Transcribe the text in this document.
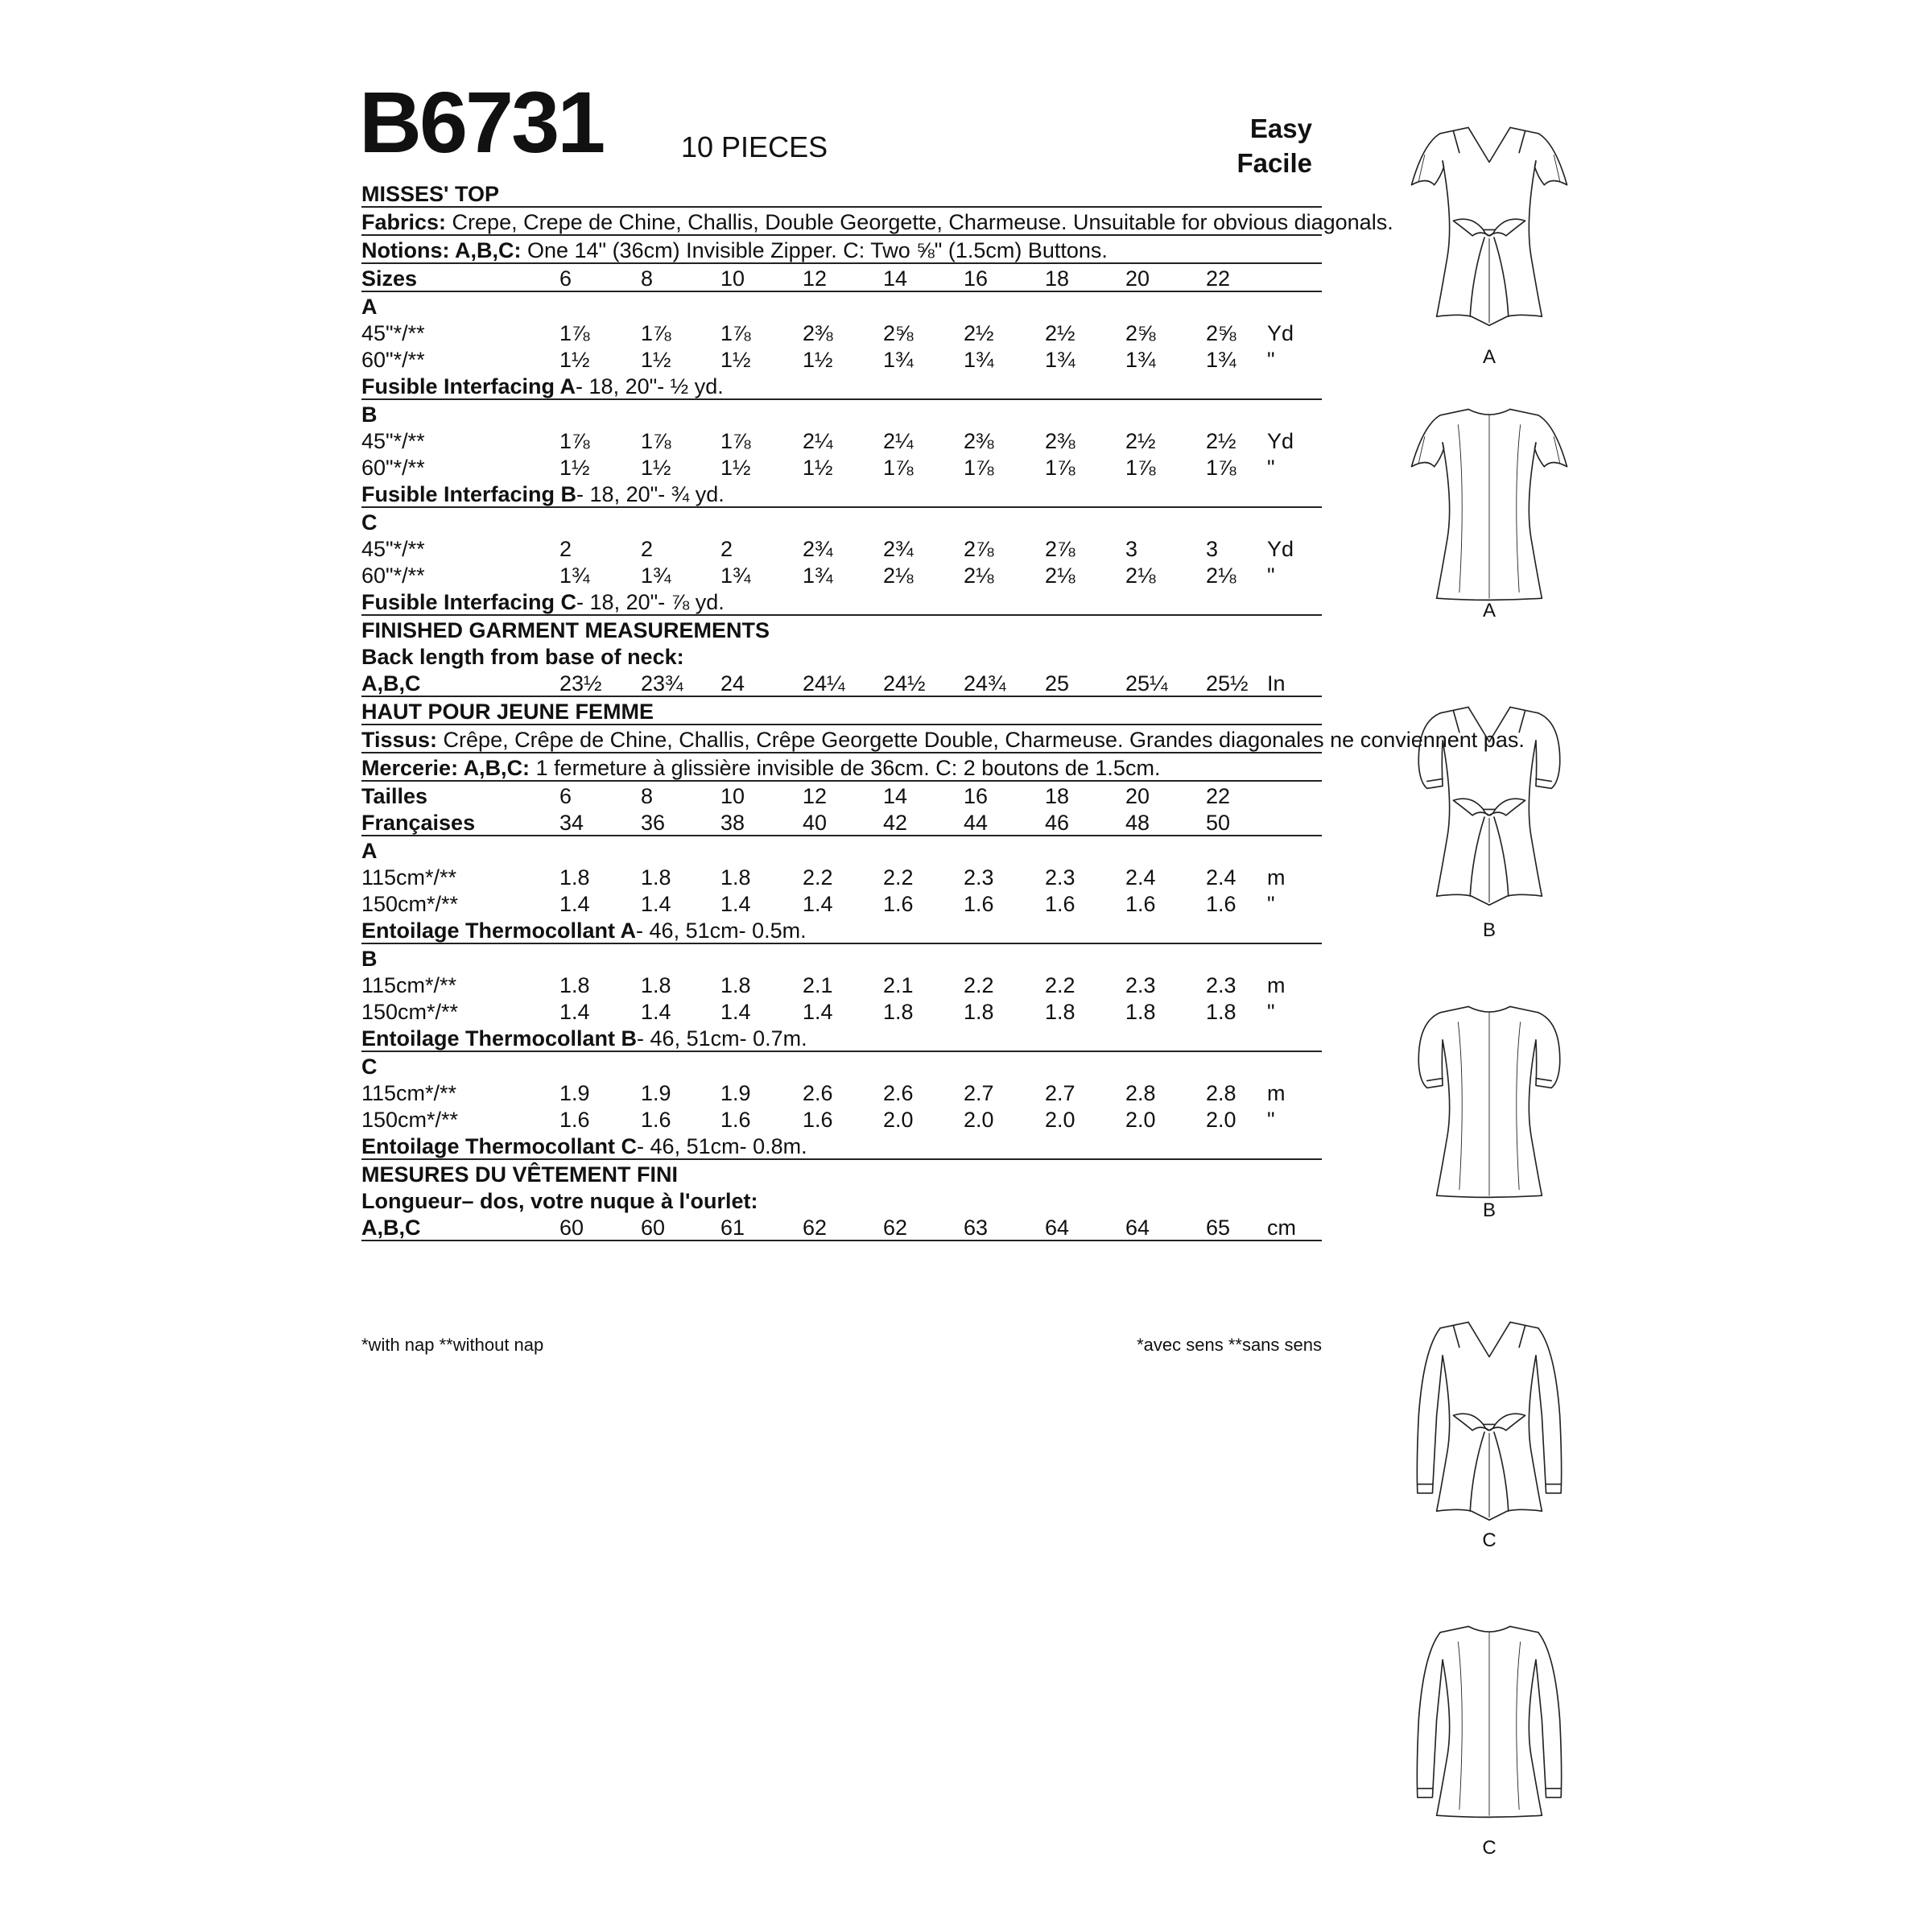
B6731	10 PIECES
Easy
Facile
MISSES' TOP
Fabrics: Crepe, Crepe de Chine, Challis, Double Georgette, Charmeuse. Unsuitable for obvious diagonals.
Notions: A,B,C: One 14" (36cm) Invisible Zipper. C: Two ⅝" (1.5cm) Buttons.
Sizes	6	8	10	12	14	16	18	20	22
A
45"*/**	1⅞ 1⅞ 1⅞ 2⅜ 2⅝ 2½ 2½ 2⅝ 2⅝ Yd
60"*/**	1½ 1½ 1½ 1½ 1¾ 1¾ 1¾ 1¾ 1¾ "
Fusible Interfacing A- 18, 20"- ½ yd.
B
45"*/**	1⅞ 1⅞ 1⅞ 2¼ 2¼ 2⅜ 2⅜ 2½ 2½ Yd
60"*/**	1½ 1½ 1½ 1½ 1⅞ 1⅞ 1⅞ 1⅞ 1⅞ "
Fusible Interfacing B- 18, 20"- ¾ yd.
C
45"*/**	2	2	2	2¾ 2¾ 2⅞ 2⅞ 3	3 Yd
60"*/**	1¾ 1¾ 1¾ 1¾ 2⅛ 2⅛ 2⅛ 2⅛ 2⅛ "
Fusible Interfacing C- 18, 20"- ⅞ yd.
FINISHED GARMENT MEASUREMENTS
Back length from base of neck:
A,B,C	23½ 23¾ 24	24¼ 24½ 24¾ 25	25¼ 25½ In
HAUT POUR JEUNE FEMME
Tissus: Crêpe, Crêpe de Chine, Challis, Crêpe Georgette Double, Charmeuse. Grandes diagonales ne conviennent pas.
Mercerie: A,B,C: 1 fermeture à glissière invisible de 36cm. C: 2 boutons de 1.5cm.
Tailles	6	8	10	12	14	16	18	20	22
Françaises	34	36	38	40	42	44	46	48	50
A
115cm*/**	1.8 1.8 1.8 2.2 2.2 2.3 2.3 2.4 2.4 m
150cm*/**	1.4 1.4 1.4 1.4 1.6 1.6 1.6 1.6 1.6 "
Entoilage Thermocollant A- 46, 51cm- 0.5m.
B
115cm*/**	1.8 1.8 1.8 2.1 2.1 2.2 2.2 2.3 2.3 m
150cm*/**	1.4 1.4 1.4 1.4 1.8 1.8 1.8 1.8 1.8 "
Entoilage Thermocollant B- 46, 51cm- 0.7m.
C
115cm*/**	1.9 1.9 1.9 2.6 2.6 2.7 2.7 2.8 2.8 m
150cm*/**	1.6 1.6 1.6 1.6 2.0 2.0 2.0 2.0 2.0 "
Entoilage Thermocollant C- 46, 51cm- 0.8m.
MESURES DU VÊTEMENT FINI
Longueur– dos, votre nuque à l'ourlet:
A,B,C	60	60	61	62	62	63	64	64	65 cm
*with nap **without nap	*avec sens **sans sens
A
A
B
B
C
C
